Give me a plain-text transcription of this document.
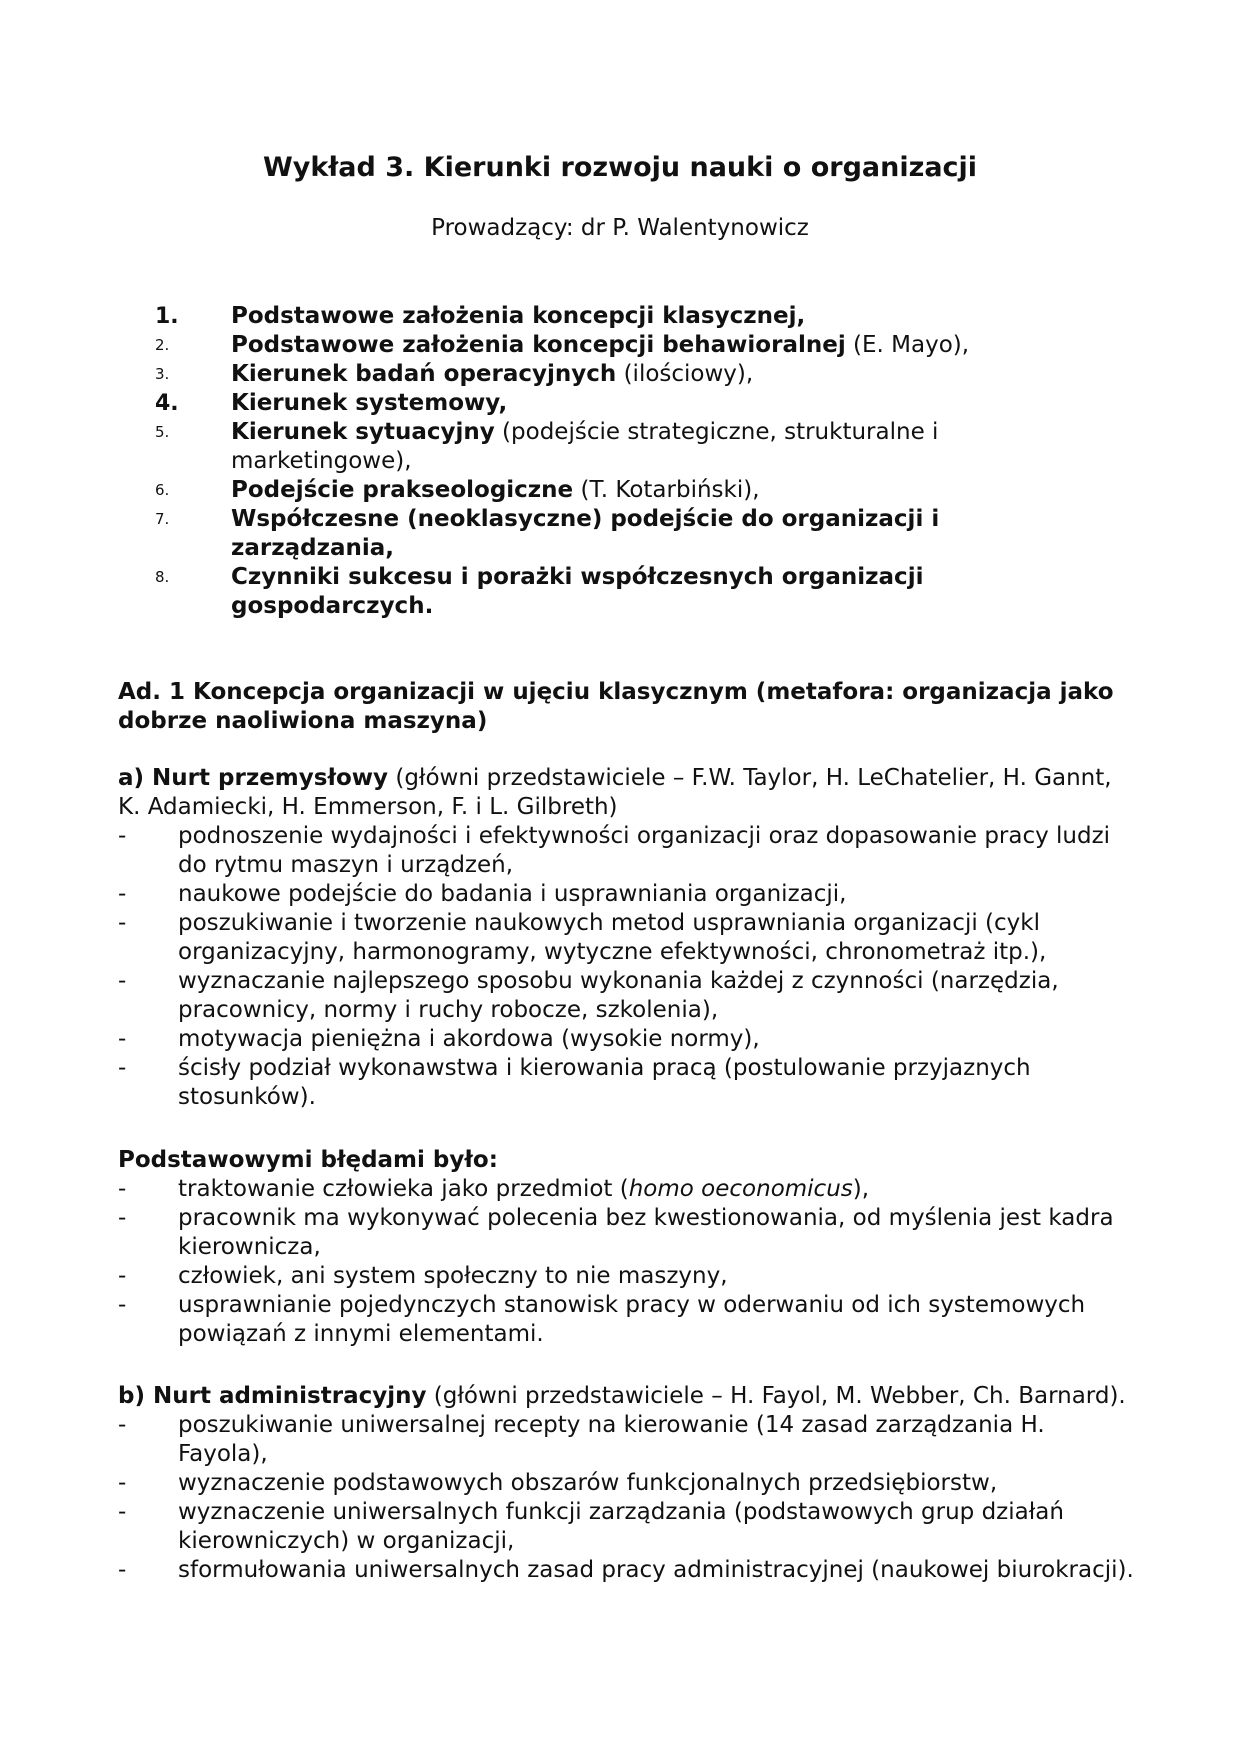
Wykład 3. Kierunki rozwoju nauki o organizacji
Prowadzący: dr P. Walentynowicz
1. Podstawowe założenia koncepcji klasycznej,
2.	Podstawowe założenia koncepcji behawioralnej (E. Mayo),
3.	Kierunek badań operacyjnych (ilościowy),
4. Kierunek systemowy,
5.	Kierunek sytuacyjny (podejście strategiczne, strukturalne i marketingowe),
6.	Podejście prakseologiczne (T. Kotarbiński),
7.	Współczesne (neoklasyczne) podejście do organizacji i zarządzania,
8.	Czynniki sukcesu i porażki współczesnych organizacji gospodarczych.
Ad. 1 Koncepcja organizacji w ujęciu klasycznym (metafora: organizacja jako dobrze naoliwiona maszyna)
a) Nurt przemysłowy (główni przedstawiciele – F.W. Taylor, H. LeChatelier, H. Gannt, K. Adamiecki, H. Emmerson, F. i L. Gilbreth)
- podnoszenie wydajności i efektywności organizacji oraz dopasowanie pracy ludzi do rytmu maszyn i urządzeń,
- naukowe podejście do badania i usprawniania organizacji,
- poszukiwanie i tworzenie naukowych metod usprawniania organizacji (cykl organizacyjny, harmonogramy, wytyczne efektywności, chronometraż itp.),
- wyznaczanie najlepszego sposobu wykonania każdej z czynności (narzędzia, pracownicy, normy i ruchy robocze, szkolenia),
- motywacja pieniężna i akordowa (wysokie normy),
- ścisły podział wykonawstwa i kierowania pracą (postulowanie przyjaznych stosunków).
Podstawowymi błędami było:
- traktowanie człowieka jako przedmiot (homo oeconomicus),
- pracownik ma wykonywać polecenia bez kwestionowania, od myślenia jest kadra kierownicza,
- człowiek, ani system społeczny to nie maszyny,
- usprawnianie pojedynczych stanowisk pracy w oderwaniu od ich systemowych powiązań z innymi elementami.
b) Nurt administracyjny (główni przedstawiciele – H. Fayol, M. Webber, Ch. Barnard).
- poszukiwanie uniwersalnej recepty na kierowanie (14 zasad zarządzania H. Fayola),
- wyznaczenie podstawowych obszarów funkcjonalnych przedsiębiorstw,
- wyznaczenie uniwersalnych funkcji zarządzania (podstawowych grup działań kierowniczych) w organizacji,
- sformułowania uniwersalnych zasad pracy administracyjnej (naukowej biurokracji).
